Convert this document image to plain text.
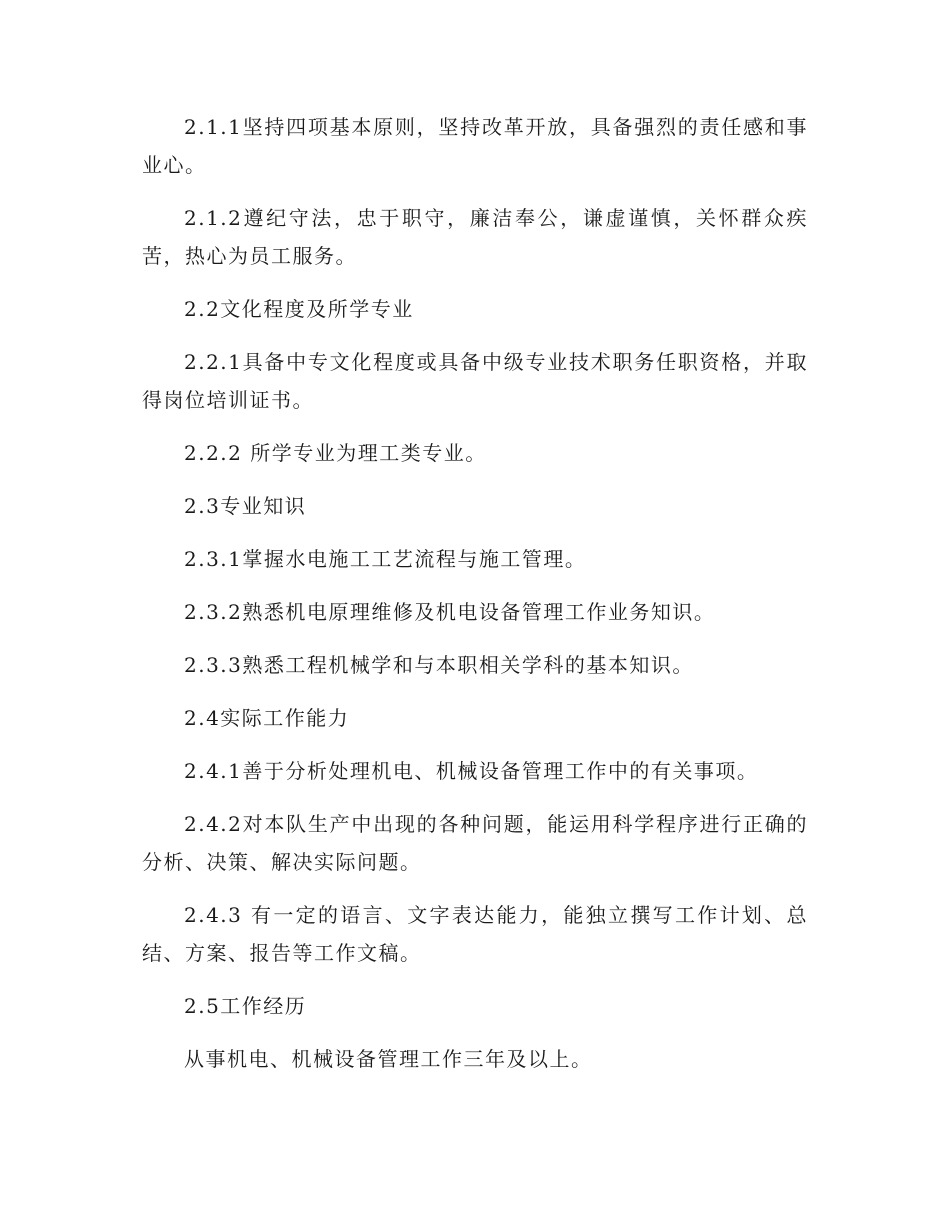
2.1.1坚持四项基本原则，坚持改革开放，具备强烈的责任感和事业心。

2.1.2遵纪守法，忠于职守，廉洁奉公，谦虚谨慎，关怀群众疾苦，热心为员工服务。

2.2文化程度及所学专业

2.2.1具备中专文化程度或具备中级专业技术职务任职资格，并取得岗位培训证书。

2.2.2 所学专业为理工类专业。

2.3专业知识

2.3.1掌握水电施工工艺流程与施工管理。

2.3.2熟悉机电原理维修及机电设备管理工作业务知识。

2.3.3熟悉工程机械学和与本职相关学科的基本知识。

2.4实际工作能力

2.4.1善于分析处理机电、机械设备管理工作中的有关事项。

2.4.2对本队生产中出现的各种问题，能运用科学程序进行正确的分析、决策、解决实际问题。

2.4.3 有一定的语言、文字表达能力，能独立撰写工作计划、总结、方案、报告等工作文稿。

2.5工作经历

从事机电、机械设备管理工作三年及以上。
